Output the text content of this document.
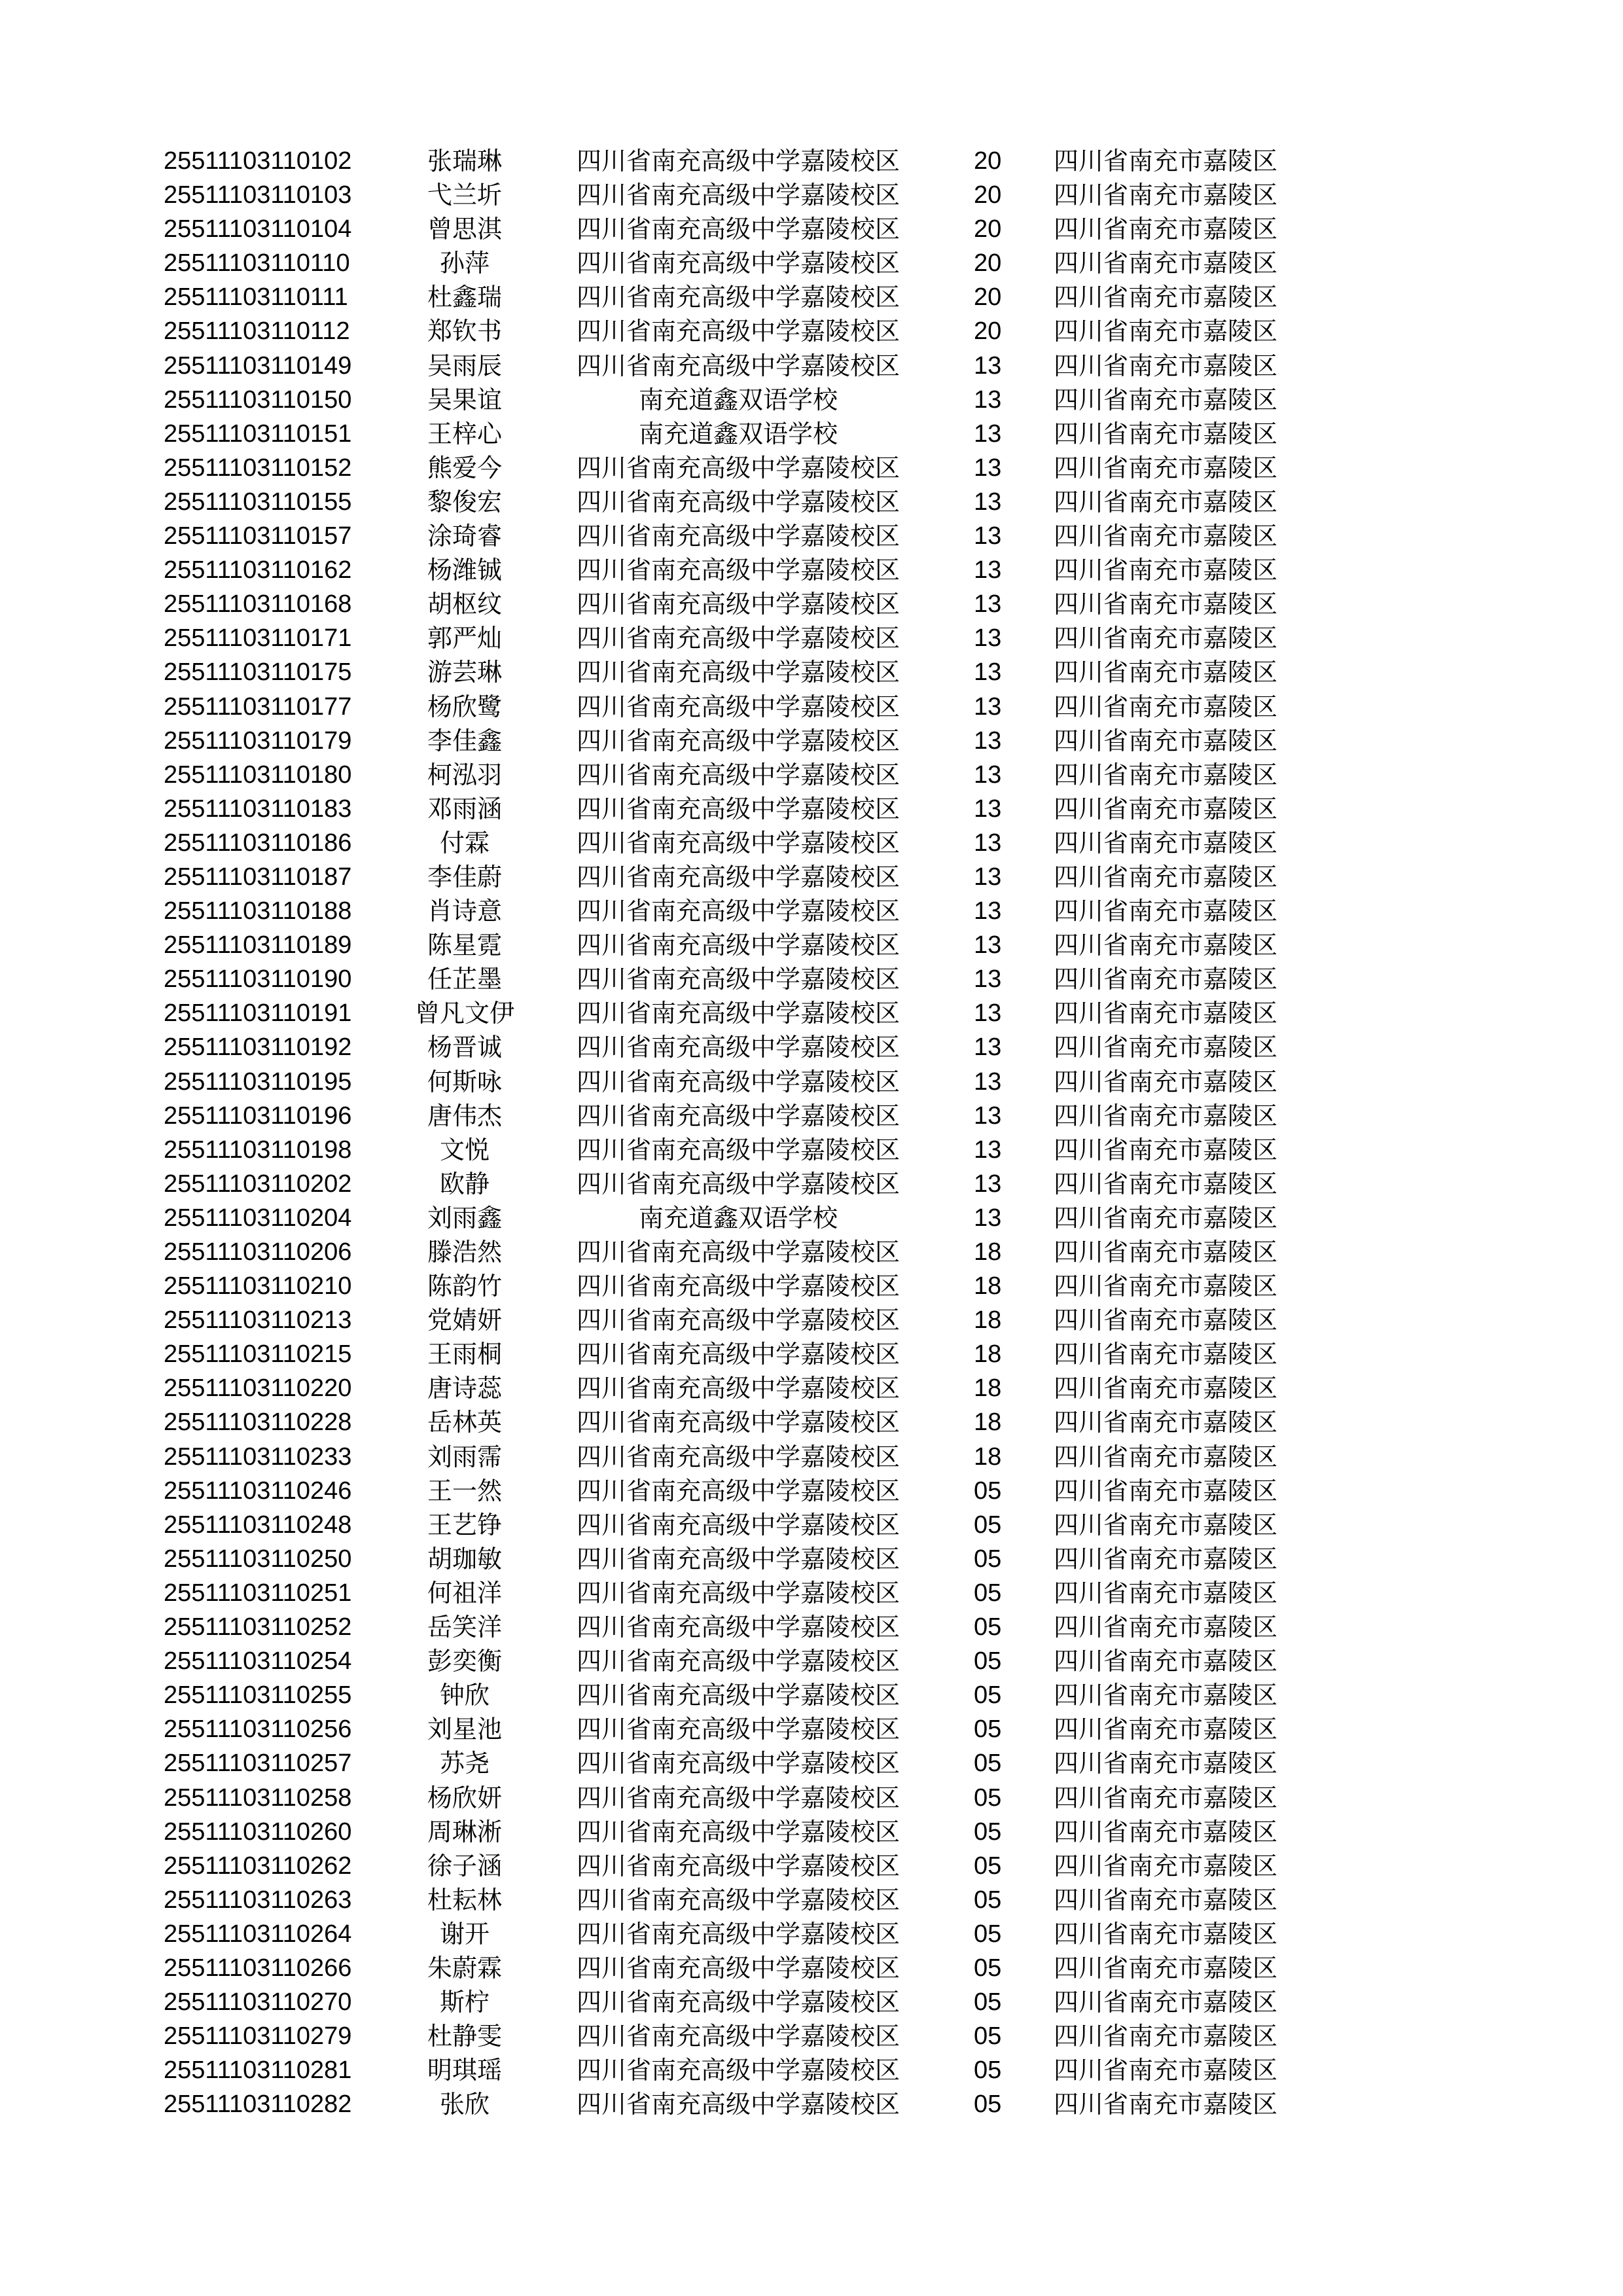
25511103110102	张瑞琳	四川省南充高级中学嘉陵校区	20 四川省南充市嘉陵区
25511103110103	弋兰圻	四川省南充高级中学嘉陵校区	20 四川省南充市嘉陵区
25511103110104	曾思淇	四川省南充高级中学嘉陵校区	20 四川省南充市嘉陵区
25511103110110	孙萍	四川省南充高级中学嘉陵校区	20 四川省南充市嘉陵区
25511103110111	杜鑫瑞	四川省南充高级中学嘉陵校区	20 四川省南充市嘉陵区
25511103110112	郑钦书	四川省南充高级中学嘉陵校区	20 四川省南充市嘉陵区
25511103110149	吴雨辰	四川省南充高级中学嘉陵校区	13 四川省南充市嘉陵区
25511103110150	吴果谊	南充道鑫双语学校	13 四川省南充市嘉陵区
25511103110151	王梓心	南充道鑫双语学校	13 四川省南充市嘉陵区
25511103110152	熊爱今	四川省南充高级中学嘉陵校区	13 四川省南充市嘉陵区
25511103110155	黎俊宏	四川省南充高级中学嘉陵校区	13 四川省南充市嘉陵区
25511103110157	涂琦睿	四川省南充高级中学嘉陵校区	13 四川省南充市嘉陵区
25511103110162	杨潍铖	四川省南充高级中学嘉陵校区	13 四川省南充市嘉陵区
25511103110168	胡枢纹	四川省南充高级中学嘉陵校区	13 四川省南充市嘉陵区
25511103110171	郭严灿	四川省南充高级中学嘉陵校区	13 四川省南充市嘉陵区
25511103110175	游芸琳	四川省南充高级中学嘉陵校区	13 四川省南充市嘉陵区
25511103110177	杨欣鹭	四川省南充高级中学嘉陵校区	13 四川省南充市嘉陵区
25511103110179	李佳鑫	四川省南充高级中学嘉陵校区	13 四川省南充市嘉陵区
25511103110180	柯泓羽	四川省南充高级中学嘉陵校区	13 四川省南充市嘉陵区
25511103110183	邓雨涵	四川省南充高级中学嘉陵校区	13 四川省南充市嘉陵区
25511103110186	付霖	四川省南充高级中学嘉陵校区	13 四川省南充市嘉陵区
25511103110187	李佳蔚	四川省南充高级中学嘉陵校区	13 四川省南充市嘉陵区
25511103110188	肖诗意	四川省南充高级中学嘉陵校区	13 四川省南充市嘉陵区
25511103110189	陈星霓	四川省南充高级中学嘉陵校区	13 四川省南充市嘉陵区
25511103110190	任芷墨	四川省南充高级中学嘉陵校区	13 四川省南充市嘉陵区
25511103110191	曾凡文伊	四川省南充高级中学嘉陵校区	13 四川省南充市嘉陵区
25511103110192	杨晋诚	四川省南充高级中学嘉陵校区	13 四川省南充市嘉陵区
25511103110195	何斯咏	四川省南充高级中学嘉陵校区	13 四川省南充市嘉陵区
25511103110196	唐伟杰	四川省南充高级中学嘉陵校区	13 四川省南充市嘉陵区
25511103110198	文悦	四川省南充高级中学嘉陵校区	13 四川省南充市嘉陵区
25511103110202	欧静	四川省南充高级中学嘉陵校区	13 四川省南充市嘉陵区
25511103110204	刘雨鑫	南充道鑫双语学校	13 四川省南充市嘉陵区
25511103110206	滕浩然	四川省南充高级中学嘉陵校区	18 四川省南充市嘉陵区
25511103110210	陈韵竹	四川省南充高级中学嘉陵校区	18 四川省南充市嘉陵区
25511103110213	党婧妍	四川省南充高级中学嘉陵校区	18 四川省南充市嘉陵区
25511103110215	王雨桐	四川省南充高级中学嘉陵校区	18 四川省南充市嘉陵区
25511103110220	唐诗蕊	四川省南充高级中学嘉陵校区	18 四川省南充市嘉陵区
25511103110228	岳林英	四川省南充高级中学嘉陵校区	18 四川省南充市嘉陵区
25511103110233	刘雨霈	四川省南充高级中学嘉陵校区	18 四川省南充市嘉陵区
25511103110246	王一然	四川省南充高级中学嘉陵校区	05 四川省南充市嘉陵区
25511103110248	王艺铮	四川省南充高级中学嘉陵校区	05 四川省南充市嘉陵区
25511103110250	胡珈敏	四川省南充高级中学嘉陵校区	05 四川省南充市嘉陵区
25511103110251	何祖洋	四川省南充高级中学嘉陵校区	05 四川省南充市嘉陵区
25511103110252	岳笑洋	四川省南充高级中学嘉陵校区	05 四川省南充市嘉陵区
25511103110254	彭奕衡	四川省南充高级中学嘉陵校区	05 四川省南充市嘉陵区
25511103110255	钟欣	四川省南充高级中学嘉陵校区	05 四川省南充市嘉陵区
25511103110256	刘星池	四川省南充高级中学嘉陵校区	05 四川省南充市嘉陵区
25511103110257	苏尧	四川省南充高级中学嘉陵校区	05 四川省南充市嘉陵区
25511103110258	杨欣妍	四川省南充高级中学嘉陵校区	05 四川省南充市嘉陵区
25511103110260	周琳淅	四川省南充高级中学嘉陵校区	05 四川省南充市嘉陵区
25511103110262	徐子涵	四川省南充高级中学嘉陵校区	05 四川省南充市嘉陵区
25511103110263	杜耘林	四川省南充高级中学嘉陵校区	05 四川省南充市嘉陵区
25511103110264	谢开	四川省南充高级中学嘉陵校区	05 四川省南充市嘉陵区
25511103110266	朱蔚霖	四川省南充高级中学嘉陵校区	05 四川省南充市嘉陵区
25511103110270	斯柠	四川省南充高级中学嘉陵校区	05 四川省南充市嘉陵区
25511103110279	杜静雯	四川省南充高级中学嘉陵校区	05 四川省南充市嘉陵区
25511103110281	明琪瑶	四川省南充高级中学嘉陵校区	05 四川省南充市嘉陵区
25511103110282	张欣	四川省南充高级中学嘉陵校区	05 四川省南充市嘉陵区
